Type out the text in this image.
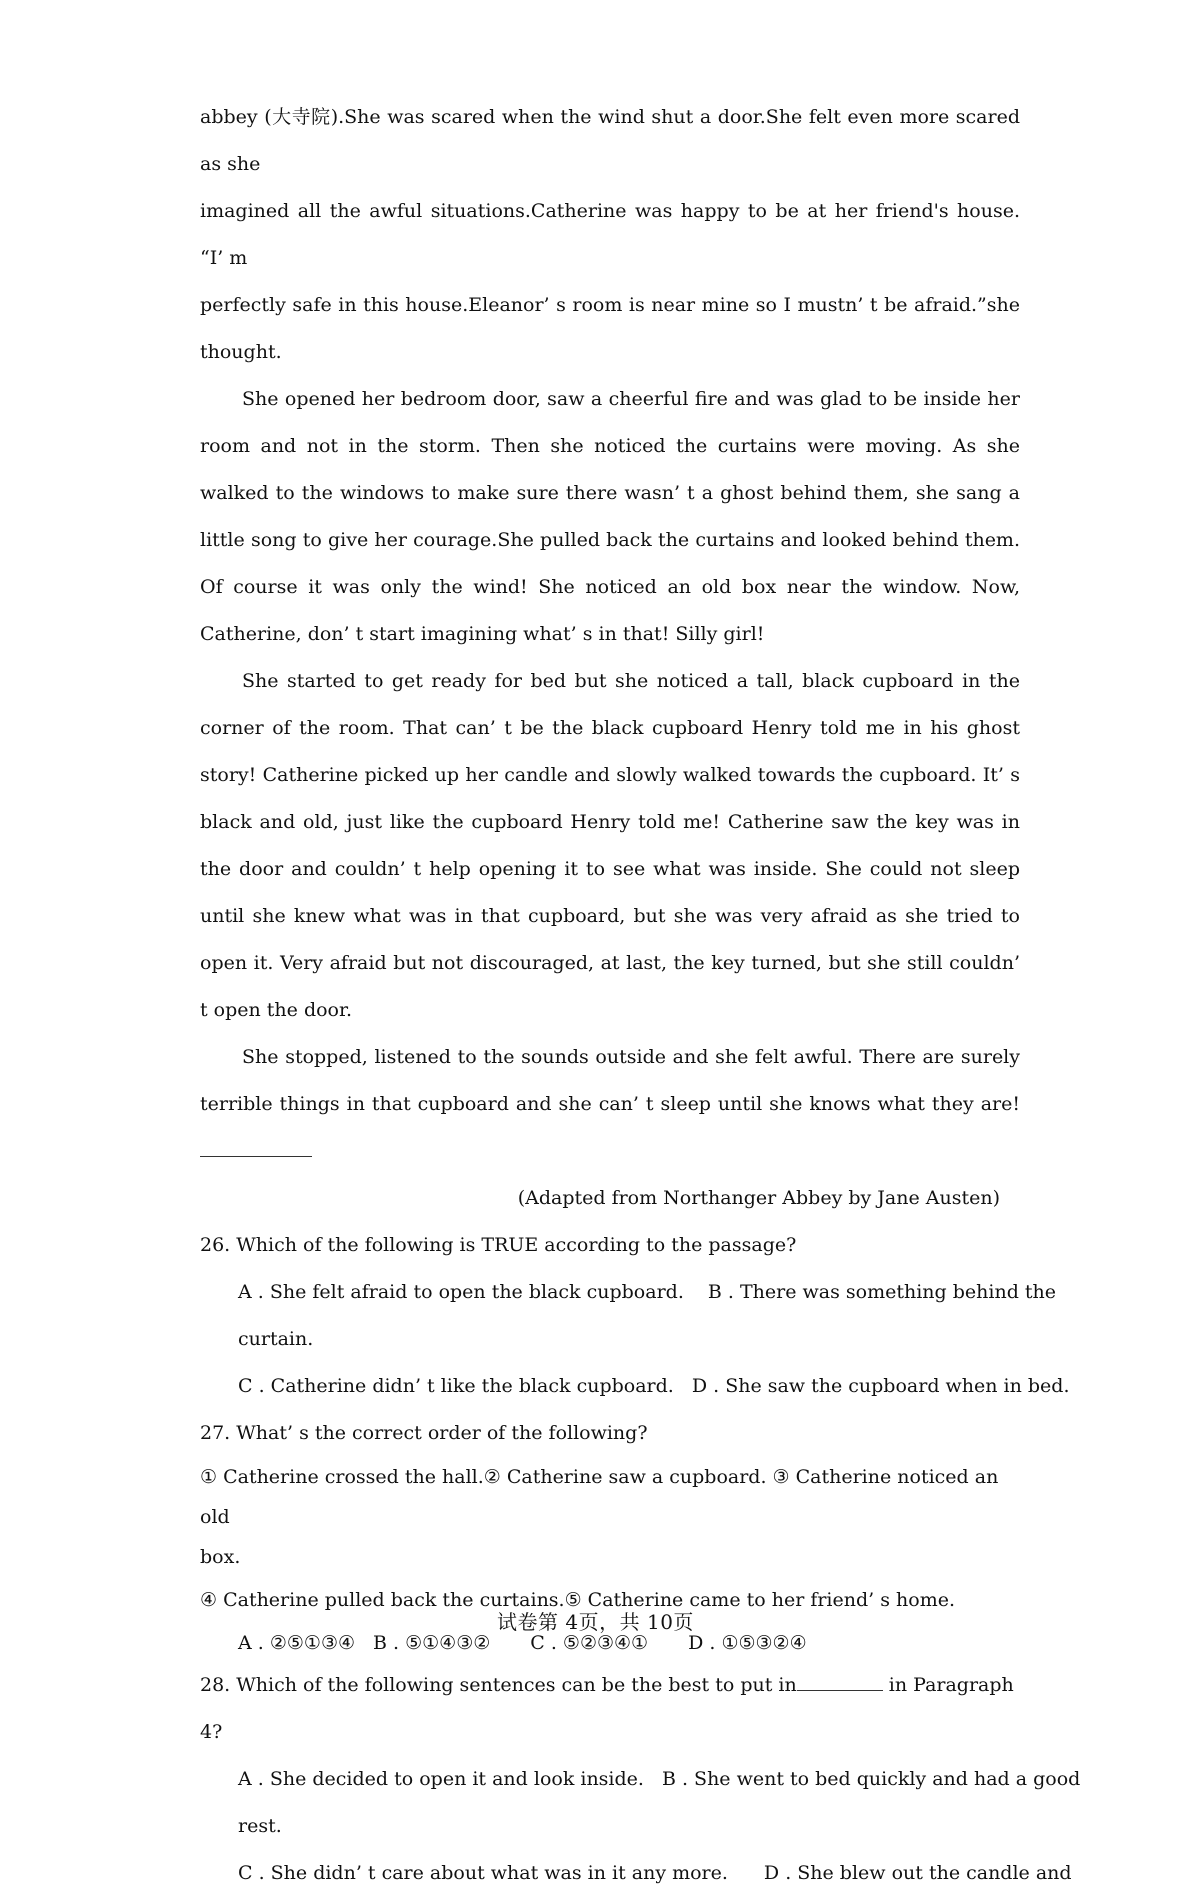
abbey (大寺院).She was scared when the wind shut a door.She felt even more scared as she
imagined all the awful situations.Catherine was happy to be at her friend's house. “I’ m
perfectly safe in this house.Eleanor’ s room is near mine so I mustn’ t be afraid.”she thought.

She opened her bedroom door, saw a cheerful fire and was glad to be inside her room and not in the storm. Then she noticed the curtains were moving. As she walked to the windows to make sure there wasn’ t a ghost behind them, she sang a little song to give her courage.She pulled back the curtains and looked behind them. Of course it was only the wind! She noticed an old box near the window. Now, Catherine, don’ t start imagining what’ s in that! Silly girl!

She started to get ready for bed but she noticed a tall, black cupboard in the corner of the room. That can’ t be the black cupboard Henry told me in his ghost story! Catherine picked up her candle and slowly walked towards the cupboard. It’ s black and old, just like the cupboard Henry told me! Catherine saw the key was in the door and couldn’ t help opening it to see what was inside. She could not sleep until she knew what was in that cupboard, but she was very afraid as she tried to open it. Very afraid but not discouraged, at last, the key turned, but she still couldn’ t open the door.

She stopped, listened to the sounds outside and she felt awful. There are surely terrible things in that cupboard and she can’ t sleep until she knows what they are!

(Adapted from Northanger Abbey by Jane Austen)

26. Which of the following is TRUE according to the passage?

A . She felt afraid to open the black cupboard. B . There was something behind the
curtain.
C . Catherine didn’ t like the black cupboard. D . She saw the cupboard when in bed.

27. What’ s the correct order of the following?

① Catherine crossed the hall.② Catherine saw a cupboard. ③ Catherine noticed an old

box.

④ Catherine pulled back the curtains.⑤ Catherine came to her friend’ s home.

A . ②⑤①③④ B . ⑤①④③② C . ⑤②③④① D . ①⑤③②④

28. Which of the following sentences can be the best to put in	in Paragraph 4?

A . She decided to open it and look inside. B . She went to bed quickly and had a good
rest.
C . She didn’ t care about what was in it any more. D . She blew out the candle and
试卷第 4页，共 10页
